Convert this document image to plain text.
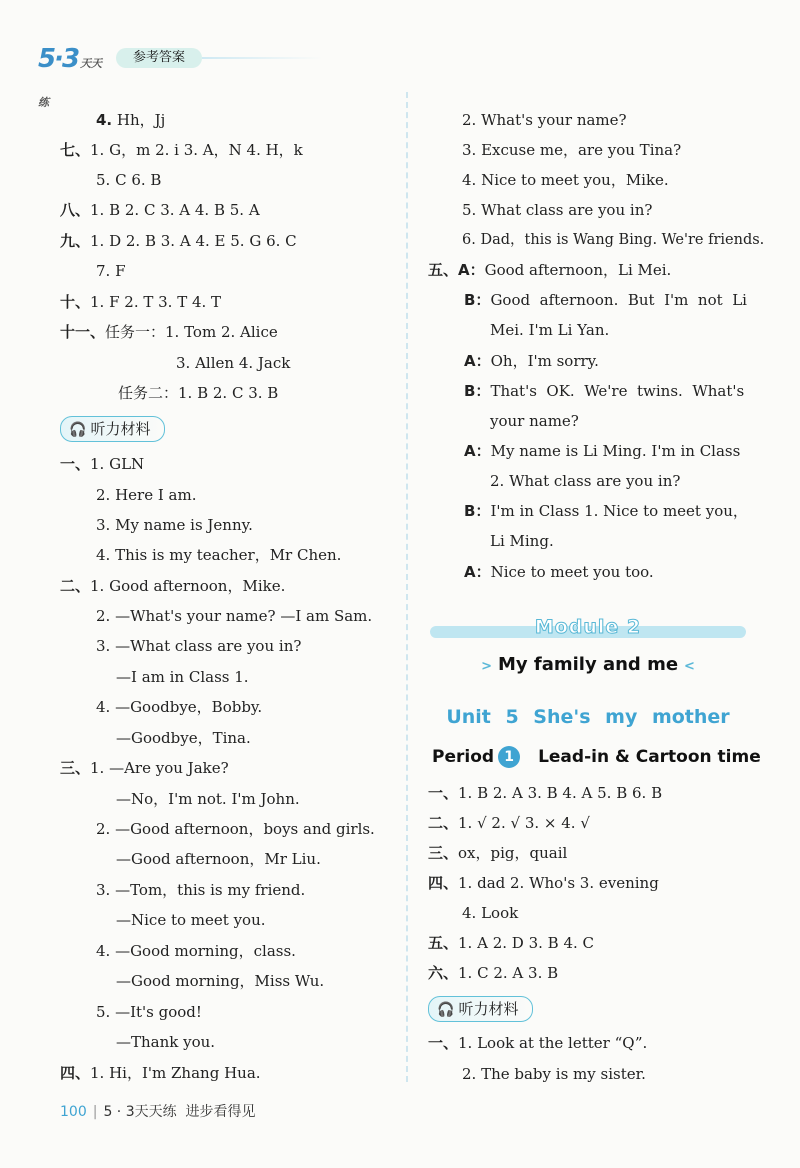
5·3 天天练
参考答案
4. Hh，Jj
七、1. G，m 2. i 3. A，N 4. H，k
5. C 6. B
八、1. B 2. C 3. A 4. B 5. A
九、1. D 2. B 3. A 4. E 5. G 6. C
7. F
十、1. F 2. T 3. T 4. T
十一、任务一：1. Tom 2. Alice
3. Allen 4. Jack
任务二：1. B 2. C 3. B
🎧 听力材料
一、1. GLN
2. Here I am.
3. My name is Jenny.
4. This is my teacher，Mr Chen.
二、1. Good afternoon，Mike.
2. —What's your name? —I am Sam.
3. —What class are you in?
—I am in Class 1.
4. —Goodbye，Bobby.
—Goodbye，Tina.
三、1. —Are you Jake?
—No，I'm not. I'm John.
2. —Good afternoon，boys and girls.
—Good afternoon，Mr Liu.
3. —Tom，this is my friend.
—Nice to meet you.
4. —Good morning，class.
—Good morning，Miss Wu.
5. —It's good!
—Thank you.
四、1. Hi，I'm Zhang Hua.
2. What's your name?
3. Excuse me，are you Tina?
4. Nice to meet you，Mike.
5. What class are you in?
6. Dad，this is Wang Bing. We're friends.
五、A：Good afternoon，Li Mei.
B：Good  afternoon.  But  I'm  not  Li
Mei. I'm Li Yan.
A：Oh，I'm sorry.
B：That's  OK.  We're  twins.  What's
your name?
A：My name is Li Ming. I'm in Class
2. What class are you in?
B：I'm in Class 1. Nice to meet you，
Li Ming.
A：Nice to meet you too.
Module 2
> My family and me <
Unit 5 She's my mother
Period 1 Lead-in & Cartoon time
一、1. B 2. A 3. B 4. A 5. B 6. B
二、1. √ 2. √ 3. × 4. √
三、ox，pig，quail
四、1. dad 2. Who's 3. evening
4. Look
五、1. A 2. D 3. B 4. C
六、1. C 2. A 3. B
🎧 听力材料
一、1. Look at the letter “Q”.
2. The baby is my sister.
100 | 5 · 3天天练 进步看得见
